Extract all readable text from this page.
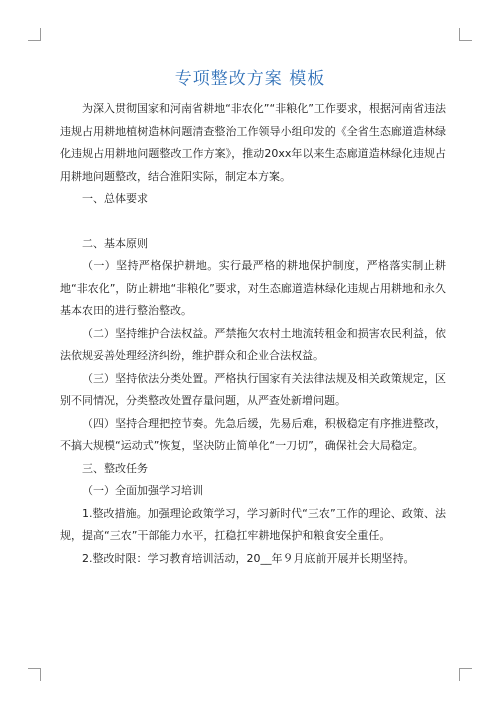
专项整改方案 模板

为深入贯彻国家和河南省耕地“非农化”“非粮化”工作要求，根据河南省违法违规占用耕地植树造林问题清查整治工作领导小组印发的《全省生态廊道造林绿化违规占用耕地问题整改工作方案》，推动20xx年以来生态廊道造林绿化违规占用耕地问题整改，结合淮阳实际，制定本方案。

一、总体要求

二、基本原则

（一）坚持严格保护耕地。实行最严格的耕地保护制度，严格落实制止耕地“非农化”，防止耕地“非粮化”要求，对生态廊道造林绿化违规占用耕地和永久基本农田的进行整治整改。

（二）坚持维护合法权益。严禁拖欠农村土地流转租金和损害农民利益，依法依规妥善处理经济纠纷，维护群众和企业合法权益。

（三）坚持依法分类处置。严格执行国家有关法律法规及相关政策规定，区别不同情况，分类整改处置存量问题，从严查处新增问题。

（四）坚持合理把控节奏。先急后缓，先易后难，积极稳定有序推进整改，不搞大规模“运动式”恢复，坚决防止简单化“一刀切”，确保社会大局稳定。

三、整改任务

（一）全面加强学习培训

1.整改措施。加强理论政策学习，学习新时代“三农”工作的理论、政策、法规，提高“三农”干部能力水平，扛稳扛牢耕地保护和粮食安全重任。

2.整改时限：学习教育培训活动，20__年９月底前开展并长期坚持。
